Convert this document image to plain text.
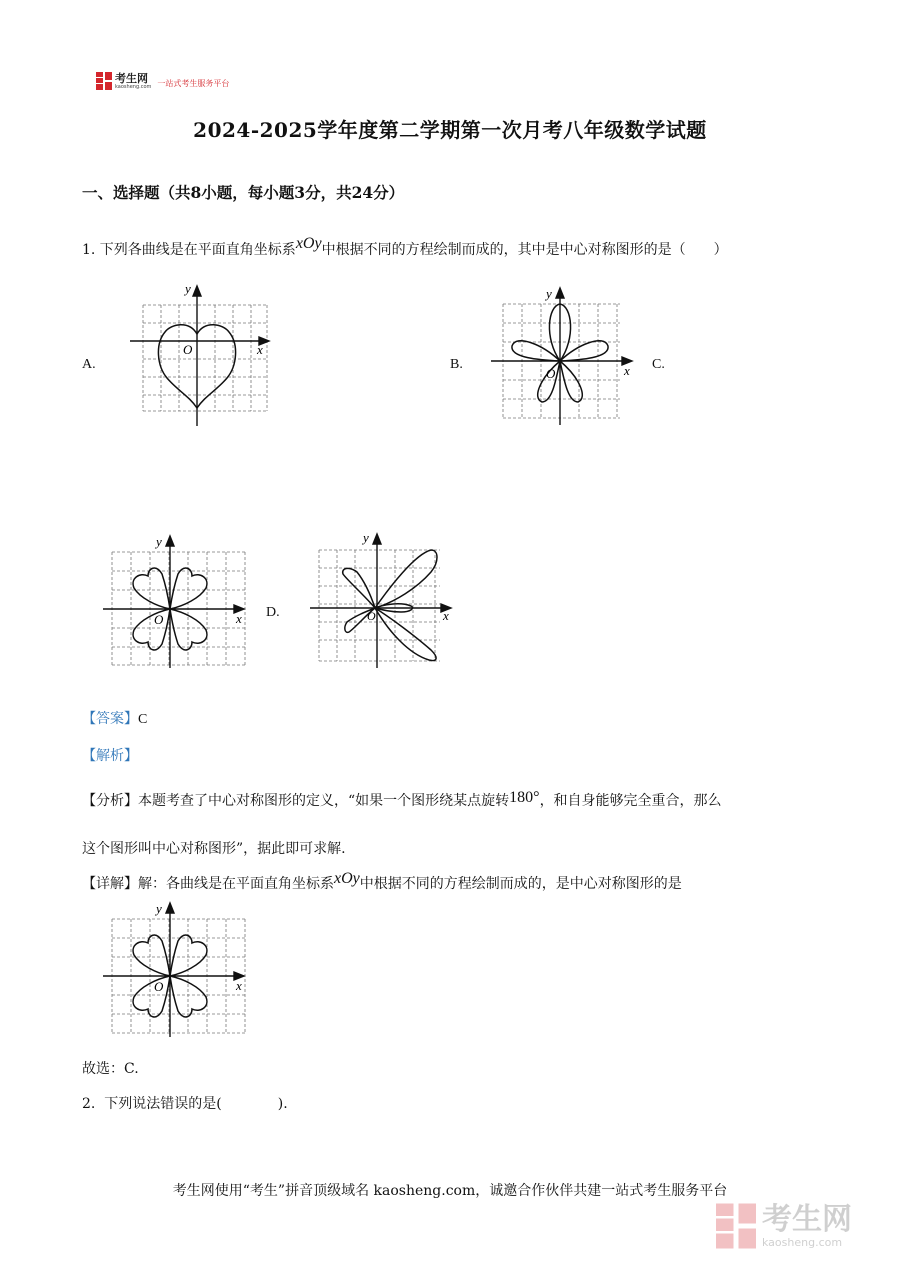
考生网
kaosheng.com 一站式考生服务平台
2024-2025学年度第二学期第一次月考八年级数学试题
一、选择题（共8小题，每小题3分，共24分）
1. 下列各曲线是在平面直角坐标系xOy中根据不同的方程绘制而成的，其中是中心对称图形的是（　　）
A.	B.	C.
D.
x
y
O
x
y
O
x
y
O	x
y
O
【答案】C
【解析】
【分析】本题考查了中心对称图形的定义，“如果一个图形绕某点旋转180°，和自身能够完全重合，那么
这个图形叫中心对称图形”，据此即可求解.
【详解】解：各曲线是在平面直角坐标系xOy中根据不同的方程绘制而成的，是中心对称图形的是
x
y
O
故选：C.
2. 下列说法错误的是(　　　　).
考生网使用“考生”拼音顶级域名 kaosheng.com，诚邀合作伙伴共建一站式考生服务平台
考生网
kaosheng.com
